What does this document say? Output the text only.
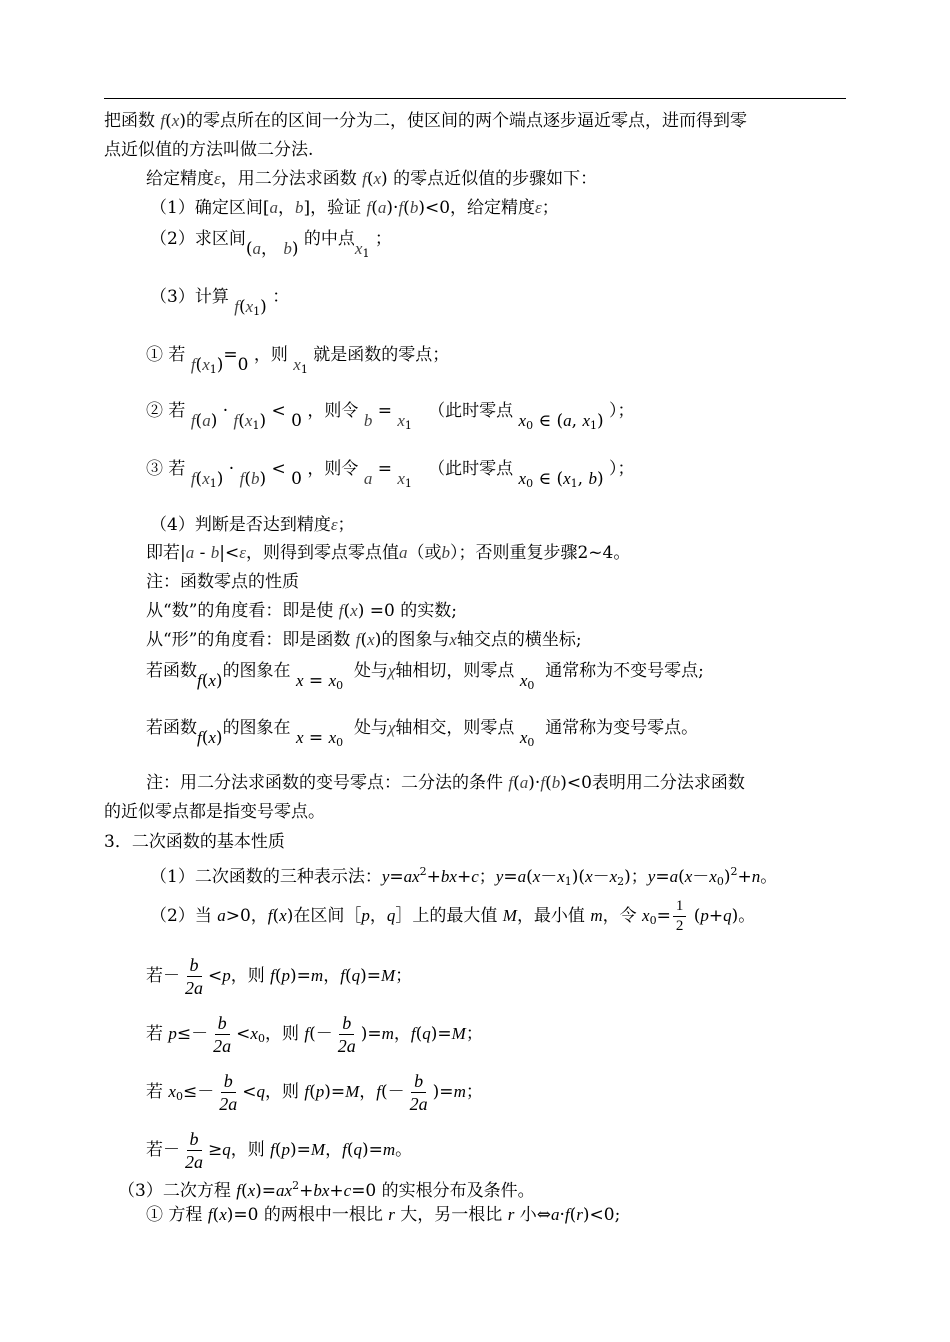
把函数 f(x)的零点所在的区间一分为二，使区间的两个端点逐步逼近零点，进而得到零
点近似值的方法叫做二分法.
给定精度ε，用二分法求函数 f(x) 的零点近似值的步骤如下：
（1）确定区间[a，b]，验证 f(a)·f(b)<0，给定精度ε；
（2）求区间(a， b) 的中点$x_1$ ；
（3）计算 $f(x_1)$ ：
① 若 $f(x_1)=0$ ，则 $x_1$ 就是函数的零点；
② 若 $f(a) \cdot f(x_1) < 0$ ，则令 $b = x_1$   （此时零点 $x_0$ ∈ (a, $x_1$) ）；
③ 若 $f(x_1) \cdot f(b) < 0$ ，则令 $a = x_1$   （此时零点 $x_0$ ∈ ($x_1$, b) ）；
（4）判断是否达到精度ε；
即若|a - b|<ε，则得到零点零点值a（或b）；否则重复步骤2~4。
注：函数零点的性质
从“数”的角度看：即是使 f(x) =0 的实数;
从“形”的角度看：即是函数 f(x)的图象与x轴交点的横坐标;
若函数f(x)的图象在 $x = x_0$  处与χ轴相切，则零点 $x_0$  通常称为不变号零点;
若函数f(x)的图象在 $x = x_0$  处与χ轴相交，则零点 $x_0$  通常称为变号零点。
注：用二分法求函数的变号零点：二分法的条件 f(a)·f(b)<0表明用二分法求函数
的近似零点都是指变号零点。
3．二次函数的基本性质
（1）二次函数的三种表示法：$y=ax^2+bx+c$；$y=a(x-x_1)(x-x_2)$；$y=a(x-x_0)^2+n$。
（2）当 a>0，f(x)在区间［p，q］上的最大值 M，最小值 m，令 $x_0= \frac{1}{2} (p+q)$。
若－ $\frac{b}{2a} <p$，则 f(p)=m，f(q)=M；
若 $p\le- \frac{b}{2a} <x_0$，则 $f(- \frac{b}{2a} )=m$，f(q)=M；
若 $x_0\le- \frac{b}{2a} <q$，则 f(p)=M，$f(- \frac{b}{2a} )=m$；
若－ $\frac{b}{2a} \ge q$，则 f(p)=M，f(q)=m。
（3）二次方程 $f(x)=ax^2+bx+c=0$ 的实根分布及条件。
① 方程 f(x)=0 的两根中一根比 r 大，另一根比 r 小⇔a·f(r)<0;
